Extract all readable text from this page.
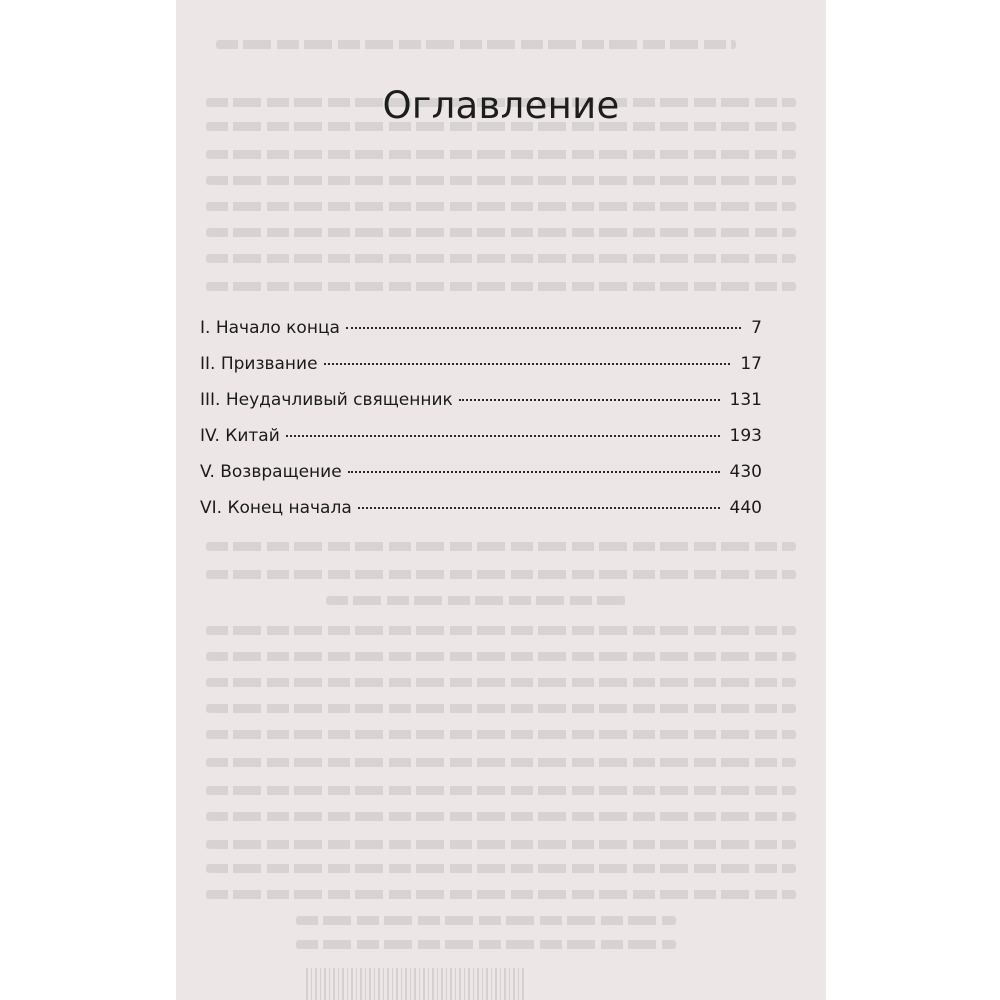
Оглавление
I. Начало конца	7
II. Призвание	17
III. Неудачливый священник	131
IV. Китай	193
V. Возвращение	430
VI. Конец начала	440
